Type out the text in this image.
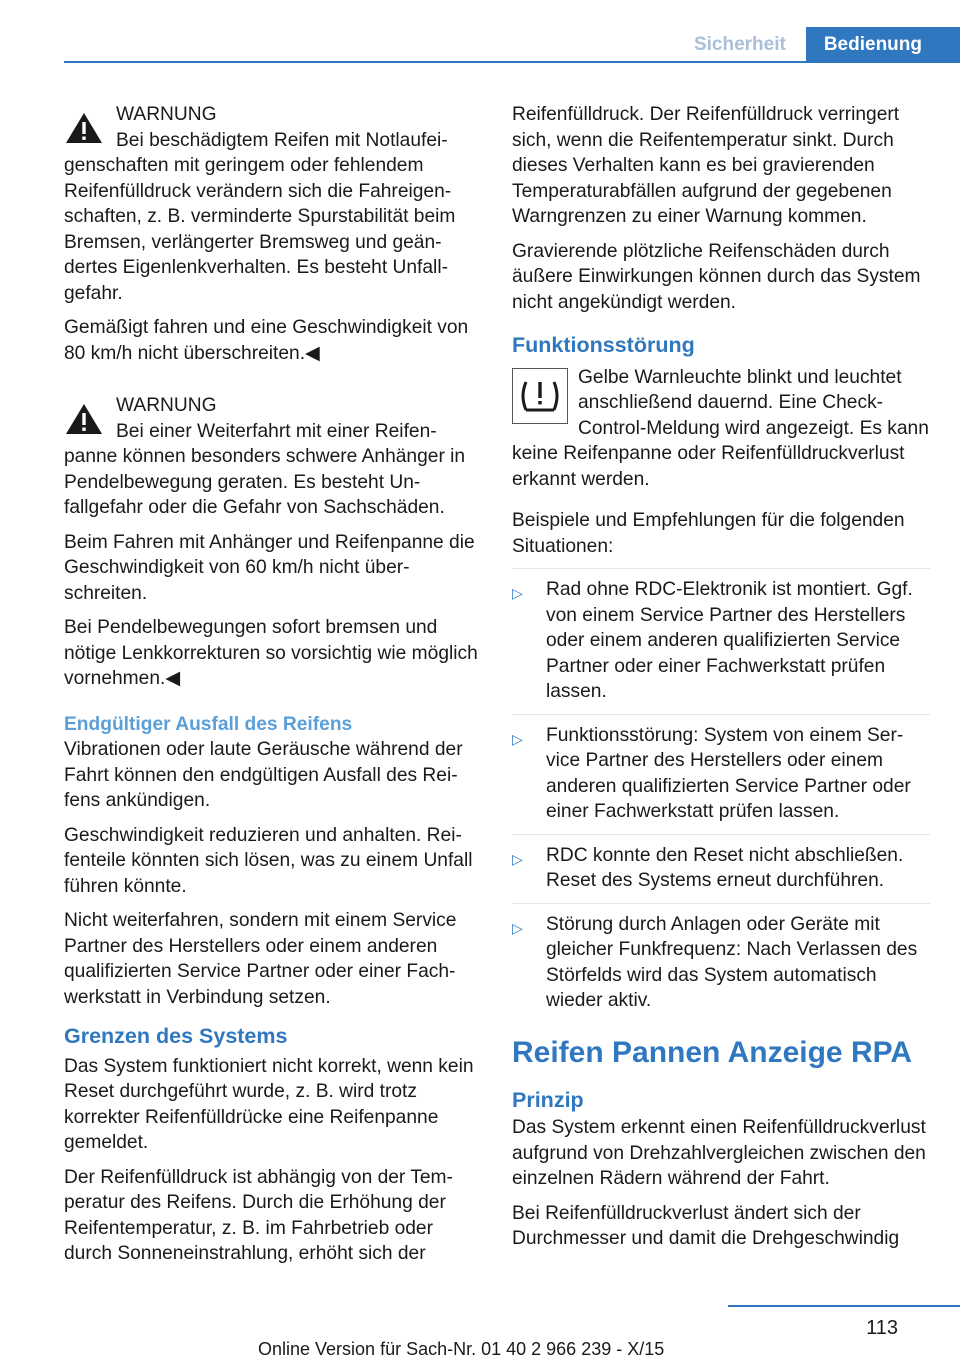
Sicherheit	Bedienung
WARNUNG

Bei beschädigtem Reifen mit Notlaufeigenschaften mit geringem oder fehlendem Reifenfülldruck verändern sich die Fahreigenschaften, z. B. verminderte Spurstabilität beim Bremsen, verlängerter Bremsweg und geändertes Eigenlenkverhalten. Es besteht Unfallgefahr.

Gemäßigt fahren und eine Geschwindigkeit von 80 km/h nicht überschreiten.◀

WARNUNG

Bei einer Weiterfahrt mit einer Reifenpanne können besonders schwere Anhänger in Pendelbewegung geraten. Es besteht Unfallgefahr oder die Gefahr von Sachschäden.

Beim Fahren mit Anhänger und Reifenpanne die Geschwindigkeit von 60 km/h nicht überschreiten.

Bei Pendelbewegungen sofort bremsen und nötige Lenkkorrekturen so vorsichtig wie möglich vornehmen.◀

Endgültiger Ausfall des Reifens

Vibrationen oder laute Geräusche während der Fahrt können den endgültigen Ausfall des Reifens ankündigen.

Geschwindigkeit reduzieren und anhalten. Reifenteile könnten sich lösen, was zu einem Unfall führen könnte.

Nicht weiterfahren, sondern mit einem Service Partner des Herstellers oder einem anderen qualifizierten Service Partner oder einer Fachwerkstatt in Verbindung setzen.

Grenzen des Systems

Das System funktioniert nicht korrekt, wenn kein Reset durchgeführt wurde, z. B. wird trotz korrekter Reifenfülldrücke eine Reifenpanne gemeldet.

Der Reifenfülldruck ist abhängig von der Temperatur des Reifens. Durch die Erhöhung der Reifentemperatur, z. B. im Fahrbetrieb oder durch Sonneneinstrahlung, erhöht sich der

Reifenfülldruck. Der Reifenfülldruck verringert sich, wenn die Reifentemperatur sinkt. Durch dieses Verhalten kann es bei gravierenden Temperaturabfällen aufgrund der gegebenen Warngrenzen zu einer Warnung kommen.

Gravierende plötzliche Reifenschäden durch äußere Einwirkungen können durch das System nicht angekündigt werden.

Funktionsstörung

Gelbe Warnleuchte blinkt und leuchtet anschließend dauernd. Eine Check-Control-Meldung wird angezeigt. Es kann keine Reifenpanne oder Reifenfülldruckverlust erkannt werden.

Beispiele und Empfehlungen für die folgenden Situationen:

▷	Rad ohne RDC-Elektronik ist montiert. Ggf. von einem Service Partner des Herstellers oder einem anderen qualifizierten Service Partner oder einer Fachwerkstatt prüfen lassen.
▷	Funktionsstörung: System von einem Service Partner des Herstellers oder einem anderen qualifizierten Service Partner oder einer Fachwerkstatt prüfen lassen.
▷	RDC konnte den Reset nicht abschließen. Reset des Systems erneut durchführen.
▷	Störung durch Anlagen oder Geräte mit gleicher Funkfrequenz: Nach Verlassen des Störfelds wird das System automatisch wieder aktiv.
Reifen Pannen Anzeige RPA
Prinzip

Das System erkennt einen Reifenfülldruckverlust aufgrund von Drehzahlvergleichen zwischen den einzelnen Rädern während der Fahrt.

Bei Reifenfülldruckverlust ändert sich der Durchmesser und damit die Drehgeschwindig

113
Online Version für Sach-Nr. 01 40 2 966 239 - X/15
